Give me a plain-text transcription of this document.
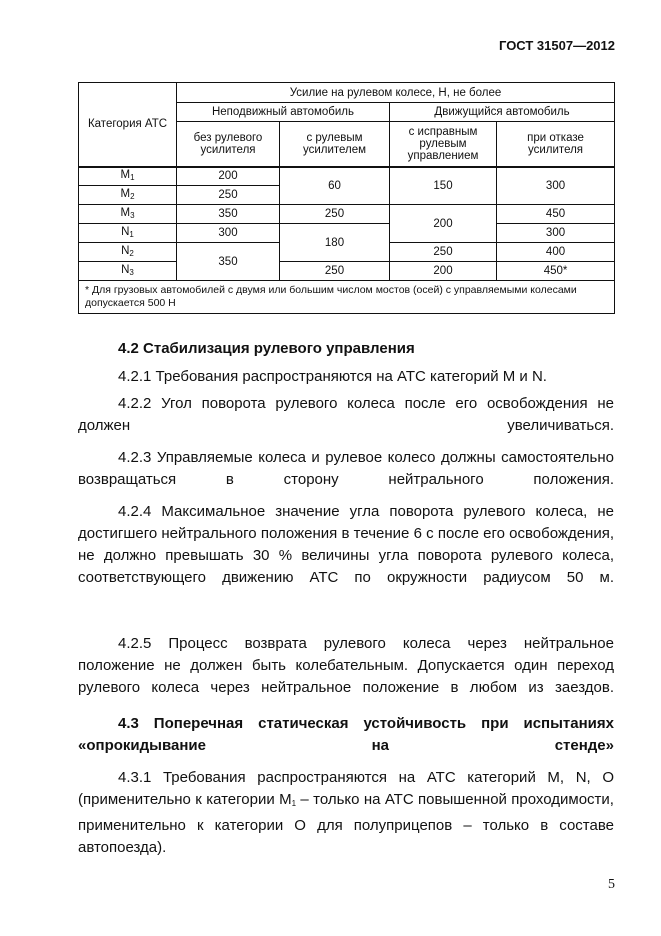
ГОСТ 31507—2012
Категория АТС	Усилие на рулевом колесе, Н, не более			
	Неподвижный автомобиль		Движущийся автомобиль	
	без рулевого усилителя	с рулевым усилителем	с исправным рулевым управлением	при отказе усилителя
$M_1$	200	60	150	300
$M_2$	250			
$M_3$	350	250	200	450
$N_1$	300	180		300
$N_2$	350		250	400
$N_3$		250	200	450*
* Для грузовых автомобилей с двумя или большим числом мостов (осей) с управляемыми колесами допускается 500 Н				
4.2 Стабилизация рулевого управления
4.2.1 Требования распространяются на АТС категорий М и N.
4.2.2 Угол поворота рулевого колеса после его освобождения не должен увеличиваться.
4.2.3 Управляемые колеса и рулевое колесо должны самостоятельно возвращаться в сторону нейтрального положения.
4.2.4 Максимальное значение угла поворота рулевого колеса, не достигшего нейтрального положения в течение 6 с после его освобождения, не должно превышать 30 % величины угла поворота рулевого колеса, соответствующего движению АТС по окружности радиусом 50 м.
4.2.5 Процесс возврата рулевого колеса через нейтральное положение не должен быть колебательным. Допускается один переход рулевого колеса через нейтральное положение в любом из заездов.
4.3 Поперечная статическая устойчивость при испытаниях «опрокидывание на стенде»
4.3.1 Требования распространяются на АТС категорий М, N, О (применительно к категории $M_1$ – только на АТС повышенной проходимости, применительно к категории О для полуприцепов – только в составе автопоезда).
5
